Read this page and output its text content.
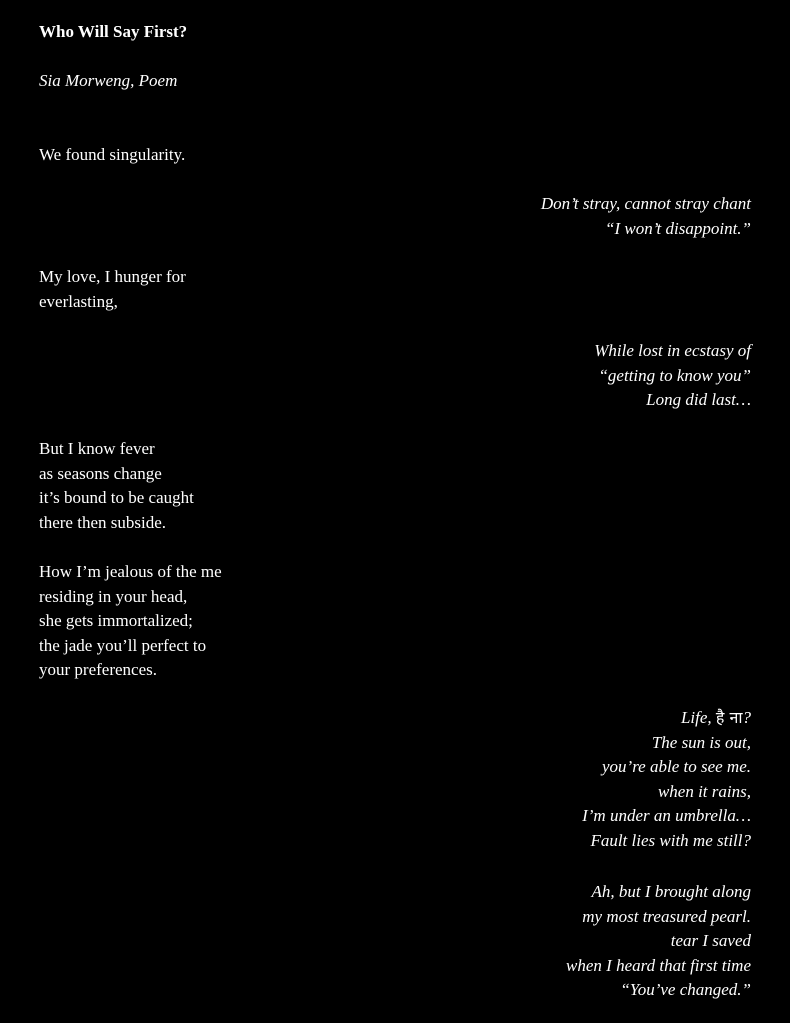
Who Will Say First?
Sia Morweng, Poem
We found singularity.
Don’t stray, cannot stray chant
“I won’t disappoint.”
My love, I hunger for
everlasting,
While lost in ecstasy of
“getting to know you”
Long did last…
But I know fever
as seasons change
it’s bound to be caught
there then subside.
How I’m jealous of the me
residing in your head,
she gets immortalized;
the jade you’ll perfect to
your preferences.
Life, है ना?
The sun is out,
you’re able to see me.
when it rains,
I’m under an umbrella…
Fault lies with me still?
Ah, but I brought along
my most treasured pearl.
tear I saved
when I heard that first time
“You’ve changed.”
